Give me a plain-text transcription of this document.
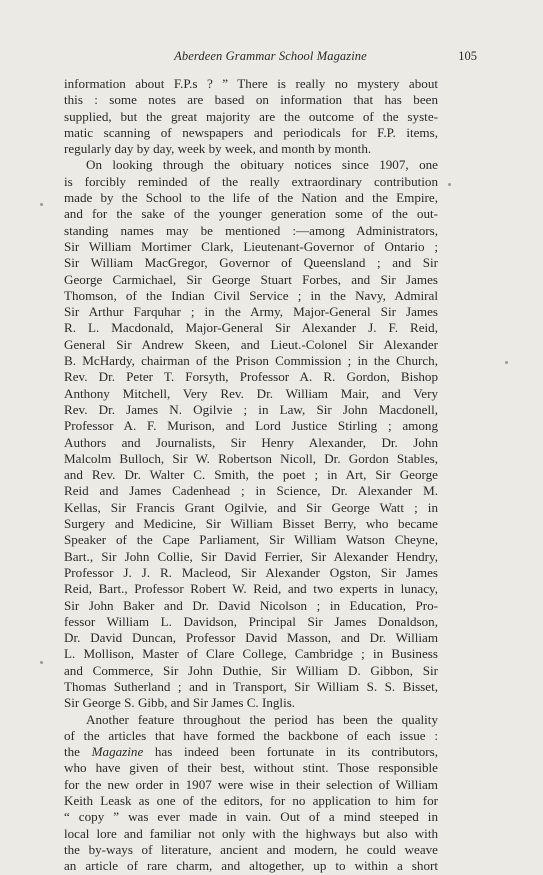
Aberdeen Grammar School Magazine	105
information about F.P.s ? ” There is really no mystery about
this : some notes are based on information that has been
supplied, but the great majority are the outcome of the syste-
matic scanning of newspapers and periodicals for F.P. items,
regularly day by day, week by week, and month by month.
On looking through the obituary notices since 1907, one
is forcibly reminded of the really extraordinary contribution
made by the School to the life of the Nation and the Empire,
and for the sake of the younger generation some of the out-
standing names may be mentioned :—among Administrators,
Sir William Mortimer Clark, Lieutenant-Governor of Ontario ;
Sir William MacGregor, Governor of Queensland ; and Sir
George Carmichael, Sir George Stuart Forbes, and Sir James
Thomson, of the Indian Civil Service ; in the Navy, Admiral
Sir Arthur Farquhar ; in the Army, Major-General Sir James
R. L. Macdonald, Major-General Sir Alexander J. F. Reid,
General Sir Andrew Skeen, and Lieut.-Colonel Sir Alexander
B. McHardy, chairman of the Prison Commission ; in the Church,
Rev. Dr. Peter T. Forsyth, Professor A. R. Gordon, Bishop
Anthony Mitchell, Very Rev. Dr. William Mair, and Very
Rev. Dr. James N. Ogilvie ; in Law, Sir John Macdonell,
Professor A. F. Murison, and Lord Justice Stirling ; among
Authors and Journalists, Sir Henry Alexander, Dr. John
Malcolm Bulloch, Sir W. Robertson Nicoll, Dr. Gordon Stables,
and Rev. Dr. Walter C. Smith, the poet ; in Art, Sir George
Reid and James Cadenhead ; in Science, Dr. Alexander M.
Kellas, Sir Francis Grant Ogilvie, and Sir George Watt ; in
Surgery and Medicine, Sir William Bisset Berry, who became
Speaker of the Cape Parliament, Sir William Watson Cheyne,
Bart., Sir John Collie, Sir David Ferrier, Sir Alexander Hendry,
Professor J. J. R. Macleod, Sir Alexander Ogston, Sir James
Reid, Bart., Professor Robert W. Reid, and two experts in lunacy,
Sir John Baker and Dr. David Nicolson ; in Education, Pro-
fessor William L. Davidson, Principal Sir James Donaldson,
Dr. David Duncan, Professor David Masson, and Dr. William
L. Mollison, Master of Clare College, Cambridge ; in Business
and Commerce, Sir John Duthie, Sir William D. Gibbon, Sir
Thomas Sutherland ; and in Transport, Sir William S. S. Bisset,
Sir George S. Gibb, and Sir James C. Inglis.
Another feature throughout the period has been the quality
of the articles that have formed the backbone of each issue :
the Magazine has indeed been fortunate in its contributors,
who have given of their best, without stint. Those responsible
for the new order in 1907 were wise in their selection of William
Keith Leask as one of the editors, for no application to him for
“ copy ” was ever made in vain. Out of a mind steeped in
local lore and familiar not only with the highways but also with
the by-ways of literature, ancient and modern, he could weave
an article of rare charm, and altogether, up to within a short
